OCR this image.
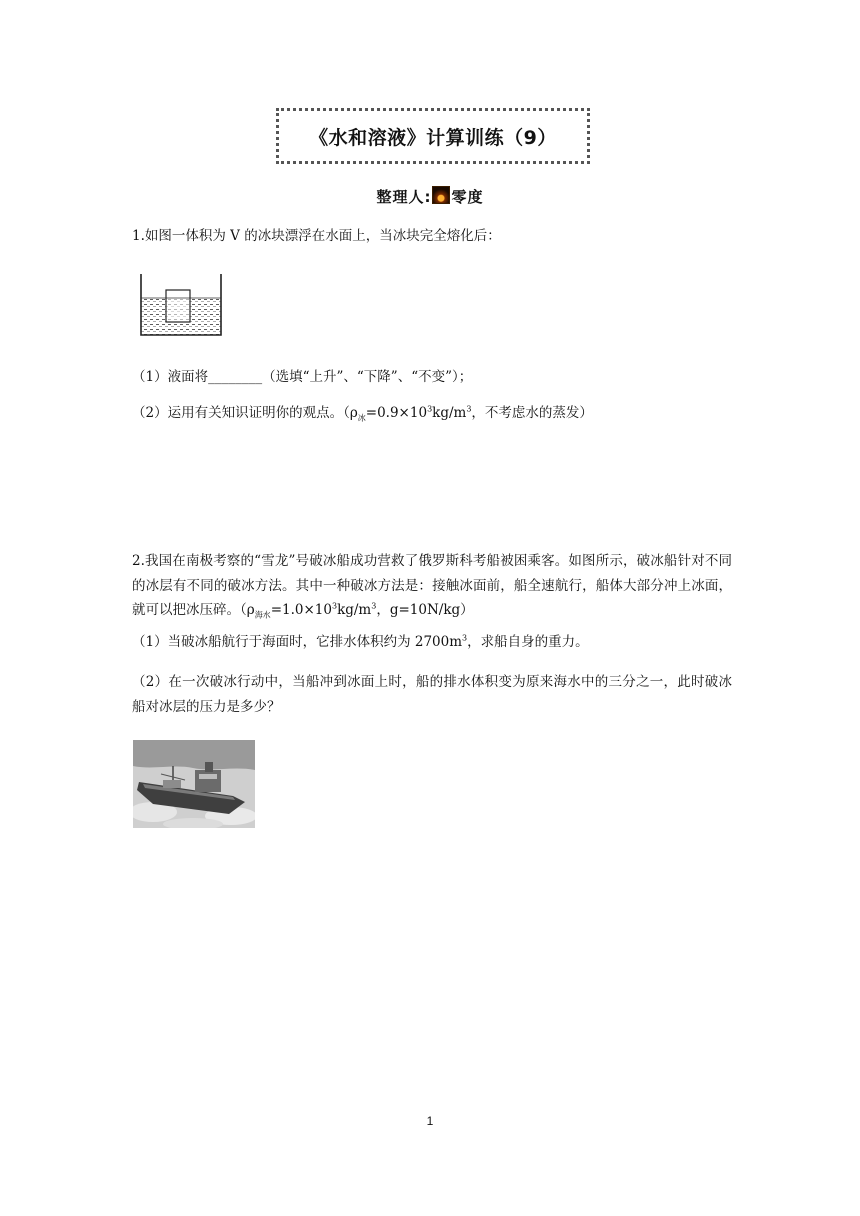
《水和溶液》计算训练（9）
整理人: 零度
1.如图一体积为 V 的冰块漂浮在水面上，当冰块完全熔化后：
（1）液面将________（选填“上升”、“下降”、“不变”）；
（2）运用有关知识证明你的观点。（$\rho_冰=0.9\times 10^3kg/m^3$，不考虑水的蒸发）
2.我国在南极考察的“雪龙”号破冰船成功营救了俄罗斯科考船被困乘客。如图所示，破冰船针对不同的冰层有不同的破冰方法。其中一种破冰方法是：接触冰面前，船全速航行，船体大部分冲上冰面，就可以把冰压碎。（$\rho_{海水}=1.0\times 10^3kg/m^3$，g=10N/kg）
（1）当破冰船航行于海面时，它排水体积约为 $2700m^3$，求船自身的重力。
（2）在一次破冰行动中，当船冲到冰面上时，船的排水体积变为原来海水中的三分之一，此时破冰船对冰层的压力是多少？
1
